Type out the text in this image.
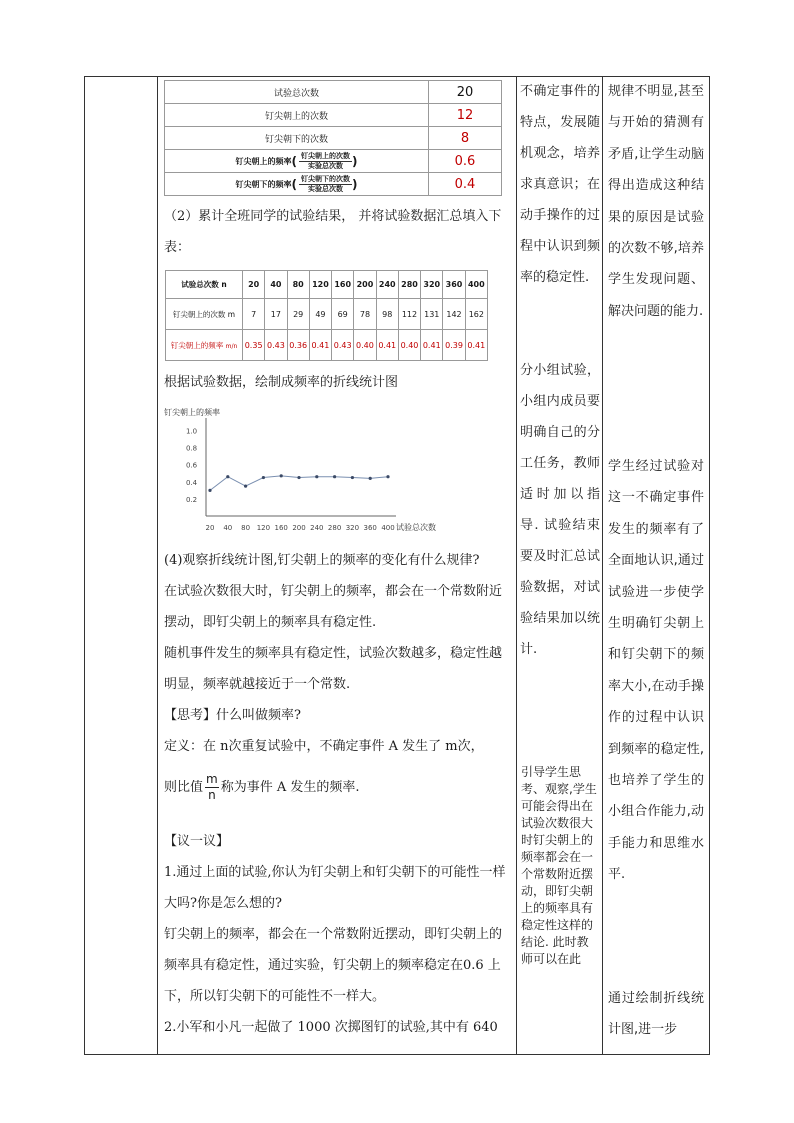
试验总次数	20
钉尖朝上的次数	12
钉尖朝下的次数	8
钉尖朝上的频率( $\frac{\text{钉尖朝上的次数}}{\text{实验总次数}}$ )	0.6
钉尖朝下的频率( $\frac{\text{钉尖朝下的次数}}{\text{实验总次数}}$ )	0.4
（2）累计全班同学的试验结果， 并将试验数据汇总填入下表：
试验总次数 n	20	40	80	120	160	200	240	280	320	360	400
钉尖朝上的次数 m	7	17	29	49	69	78	98	112	131	142	162
钉尖朝上的频率 m/n	0.35	0.43	0.36	0.41	0.43	0.40	0.41	0.40	0.41	0.39	0.41
根据试验数据，绘制成频率的折线统计图
钉尖朝上的频率
试验总次数
0.2
0.4
0.6
0.8
1.0
20 40 80 120 160 200 240 280 320 360 400
(4)观察折线统计图,钉尖朝上的频率的变化有什么规律?
在试验次数很大时，钉尖朝上的频率，都会在一个常数附近摆动，即钉尖朝上的频率具有稳定性.
随机事件发生的频率具有稳定性，试验次数越多，稳定性越明显，频率就越接近于一个常数.
【思考】什么叫做频率?
定义：在 n次重复试验中，不确定事件 A 发生了 m次，
则比值 $\frac{m}{n}$ 称为事件 A 发生的频率.
【议一议】
1.通过上面的试验,你认为钉尖朝上和钉尖朝下的可能性一样大吗?你是怎么想的?
钉尖朝上的频率，都会在一个常数附近摆动，即钉尖朝上的频率具有稳定性，通过实验，钉尖朝上的频率稳定在0.6 上下，所以钉尖朝下的可能性不一样大。
2.小军和小凡一起做了 1000 次掷图钉的试验,其中有 640
不确定事件的特点，发展随机观念，培养求真意识；在动手操作的过程中认识到频率的稳定性.
分小组试验，小组内成员要明确自己的分工任务，教师适时加以指导. 试验结束要及时汇总试验数据，对试验结果加以统计.
引导学生思考、观察,学生可能会得出在试验次数很大时钉尖朝上的频率都会在一个常数附近摆动，即钉尖朝上的频率具有稳定性这样的结论. 此时教师可以在此
规律不明显,甚至与开始的猜测有矛盾,让学生动脑得出造成这种结果的原因是试验的次数不够,培养学生发现问题、解决问题的能力.
学生经过试验对这一不确定事件发生的频率有了全面地认识,通过试验进一步使学生明确钉尖朝上和钉尖朝下的频率大小,在动手操作的过程中认识到频率的稳定性,也培养了学生的小组合作能力,动手能力和思维水平.
通过绘制折线统计图,进一步
